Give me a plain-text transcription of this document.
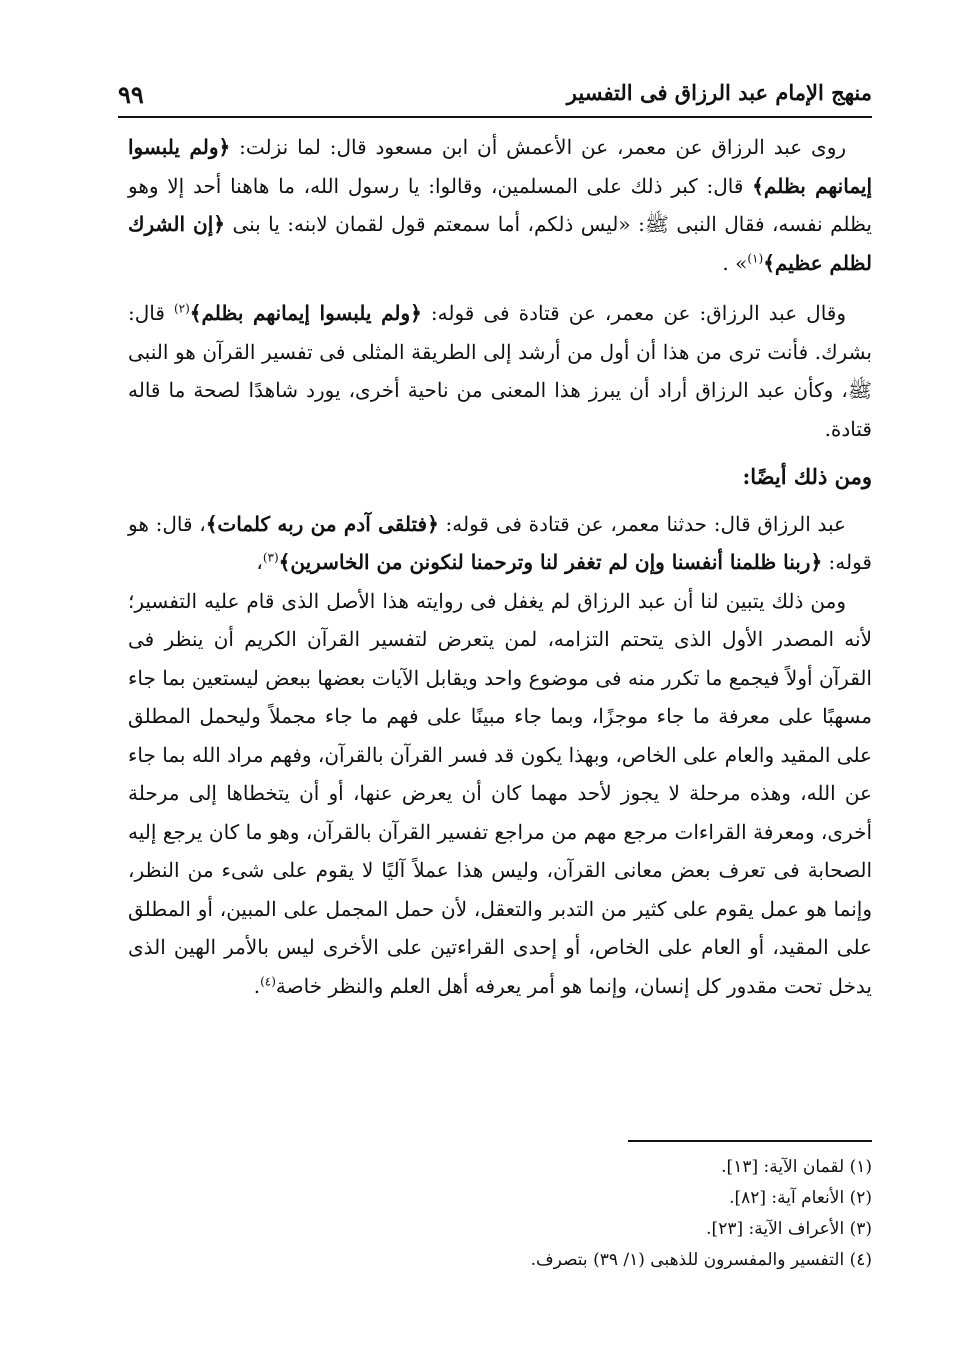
٩٩	منهج الإمام عبد الرزاق فى التفسير

روى عبد الرزاق عن معمر، عن الأعمش أن ابن مسعود قال: لما نزلت: ﴿ولم يلبسوا إيمانهم بظلم﴾ قال: كبر ذلك على المسلمين، وقالوا: يا رسول الله، ما هاهنا أحد إلا وهو يظلم نفسه، فقال النبى ﷺ: «ليس ذلكم، أما سمعتم قول لقمان لابنه: يا بنى ﴿إن الشرك لظلم عظيم﴾$^{(١)}$» .

وقال عبد الرزاق: عن معمر، عن قتادة فى قوله: ﴿ولم يلبسوا إيمانهم بظلم﴾$^{(٢)}$ قال: بشرك. فأنت ترى من هذا أن أول من أرشد إلى الطريقة المثلى فى تفسير القرآن هو النبى ﷺ، وكأن عبد الرزاق أراد أن يبرز هذا المعنى من ناحية أخرى، يورد شاهدًا لصحة ما قاله قتادة.

ومن ذلك أيضًا:

عبد الرزاق قال: حدثنا معمر، عن قتادة فى قوله: ﴿فتلقى آدم من ربه كلمات﴾، قال: هو قوله: ﴿ربنا ظلمنا أنفسنا وإن لم تغفر لنا وترحمنا لنكونن من الخاسرين﴾$^{(٣)}$،

ومن ذلك يتبين لنا أن عبد الرزاق لم يغفل فى روايته هذا الأصل الذى قام عليه التفسير؛ لأنه المصدر الأول الذى يتحتم التزامه، لمن يتعرض لتفسير القرآن الكريم أن ينظر فى القرآن أولاً فيجمع ما تكرر منه فى موضوع واحد ويقابل الآيات بعضها ببعض ليستعين بما جاء مسهبًا على معرفة ما جاء موجزًا، وبما جاء مبينًا على فهم ما جاء مجملاً وليحمل المطلق على المقيد والعام على الخاص، وبهذا يكون قد فسر القرآن بالقرآن، وفهم مراد الله بما جاء عن الله، وهذه مرحلة لا يجوز لأحد مهما كان أن يعرض عنها، أو أن يتخطاها إلى مرحلة أخرى، ومعرفة القراءات مرجع مهم من مراجع تفسير القرآن بالقرآن، وهو ما كان يرجع إليه الصحابة فى تعرف بعض معانى القرآن، وليس هذا عملاً آليًا لا يقوم على شىء من النظر، وإنما هو عمل يقوم على كثير من التدبر والتعقل، لأن حمل المجمل على المبين، أو المطلق على المقيد، أو العام على الخاص، أو إحدى القراءتين على الأخرى ليس بالأمر الهين الذى يدخل تحت مقدور كل إنسان، وإنما هو أمر يعرفه أهل العلم والنظر خاصة$^{(٤)}$.

(١) لقمان الآية: [١٣].

(٢) الأنعام آية: [٨٢].

(٣) الأعراف الآية: [٢٣].

(٤) التفسير والمفسرون للذهبى (١/ ٣٩) بتصرف.
